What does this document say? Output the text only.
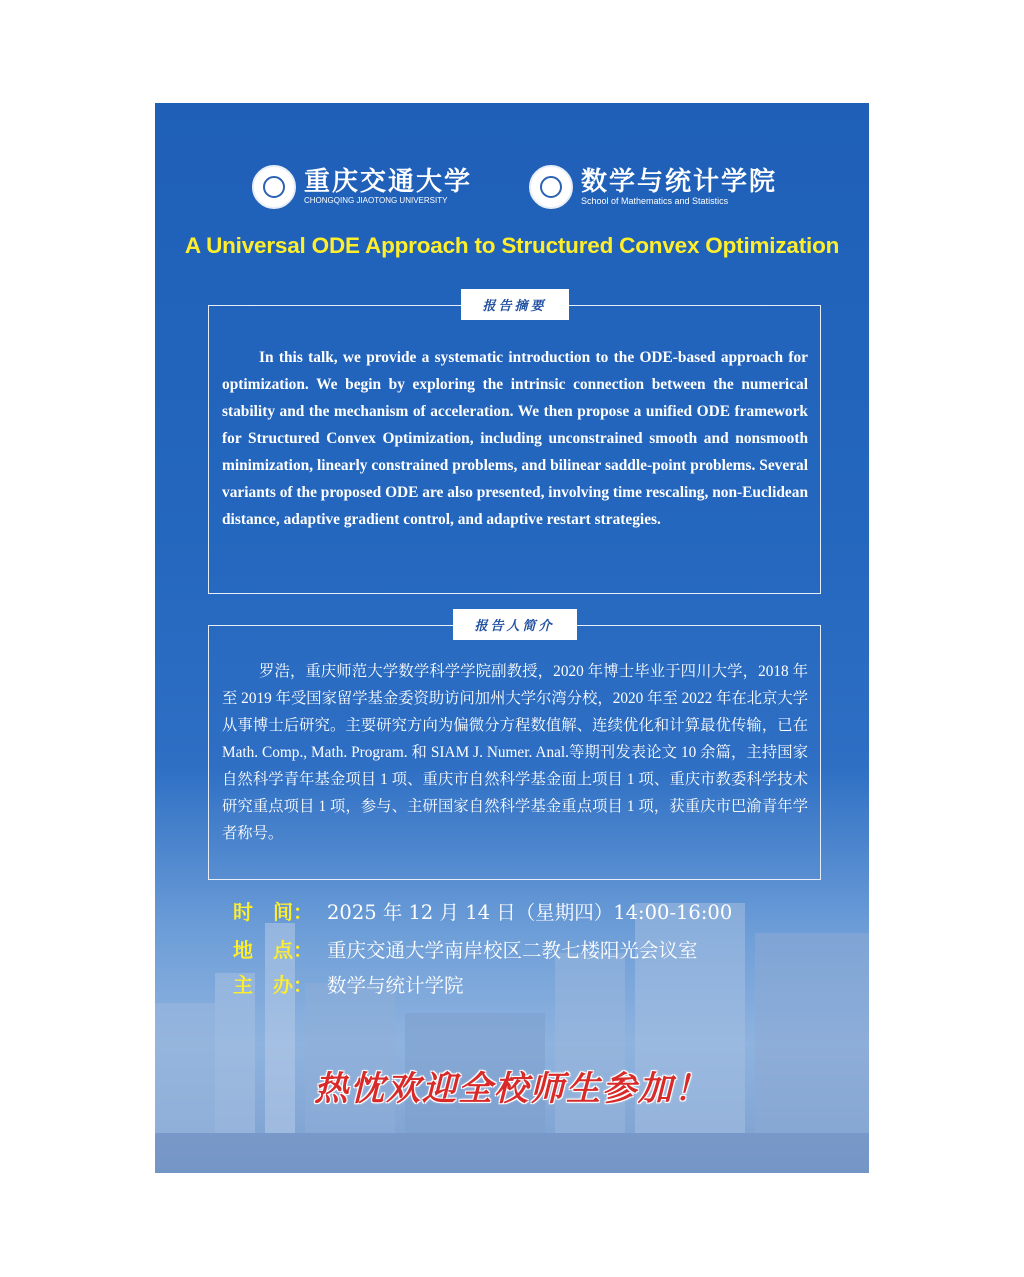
重庆交通大学
CHONGQING JIAOTONG UNIVERSITY
数学与统计学院
School of Mathematics and Statistics
A Universal ODE Approach to Structured Convex Optimization
报告摘要
In this talk, we provide a systematic introduction to the ODE-based approach for optimization. We begin by exploring the intrinsic connection between the numerical stability and the mechanism of acceleration. We then propose a unified ODE framework for Structured Convex Optimization, including unconstrained smooth and nonsmooth minimization, linearly constrained problems, and bilinear saddle-point problems. Several variants of the proposed ODE are also presented, involving time rescaling, non-Euclidean distance, adaptive gradient control, and adaptive restart strategies.
报告人简介
罗浩，重庆师范大学数学科学学院副教授，2020 年博士毕业于四川大学，2018 年至 2019 年受国家留学基金委资助访问加州大学尔湾分校，2020 年至 2022 年在北京大学从事博士后研究。主要研究方向为偏微分方程数值解、连续优化和计算最优传输，已在 Math. Comp., Math. Program. 和 SIAM J. Numer. Anal.等期刊发表论文 10 余篇，主持国家自然科学青年基金项目 1 项、重庆市自然科学基金面上项目 1 项、重庆市教委科学技术研究重点项目 1 项，参与、主研国家自然科学基金重点项目 1 项，获重庆市巴渝青年学者称号。
时　间： 2025 年 12 月 14 日（星期四）14:00-16:00
地　点： 重庆交通大学南岸校区二教七楼阳光会议室
主　办： 数学与统计学院
热忱欢迎全校师生参加！
